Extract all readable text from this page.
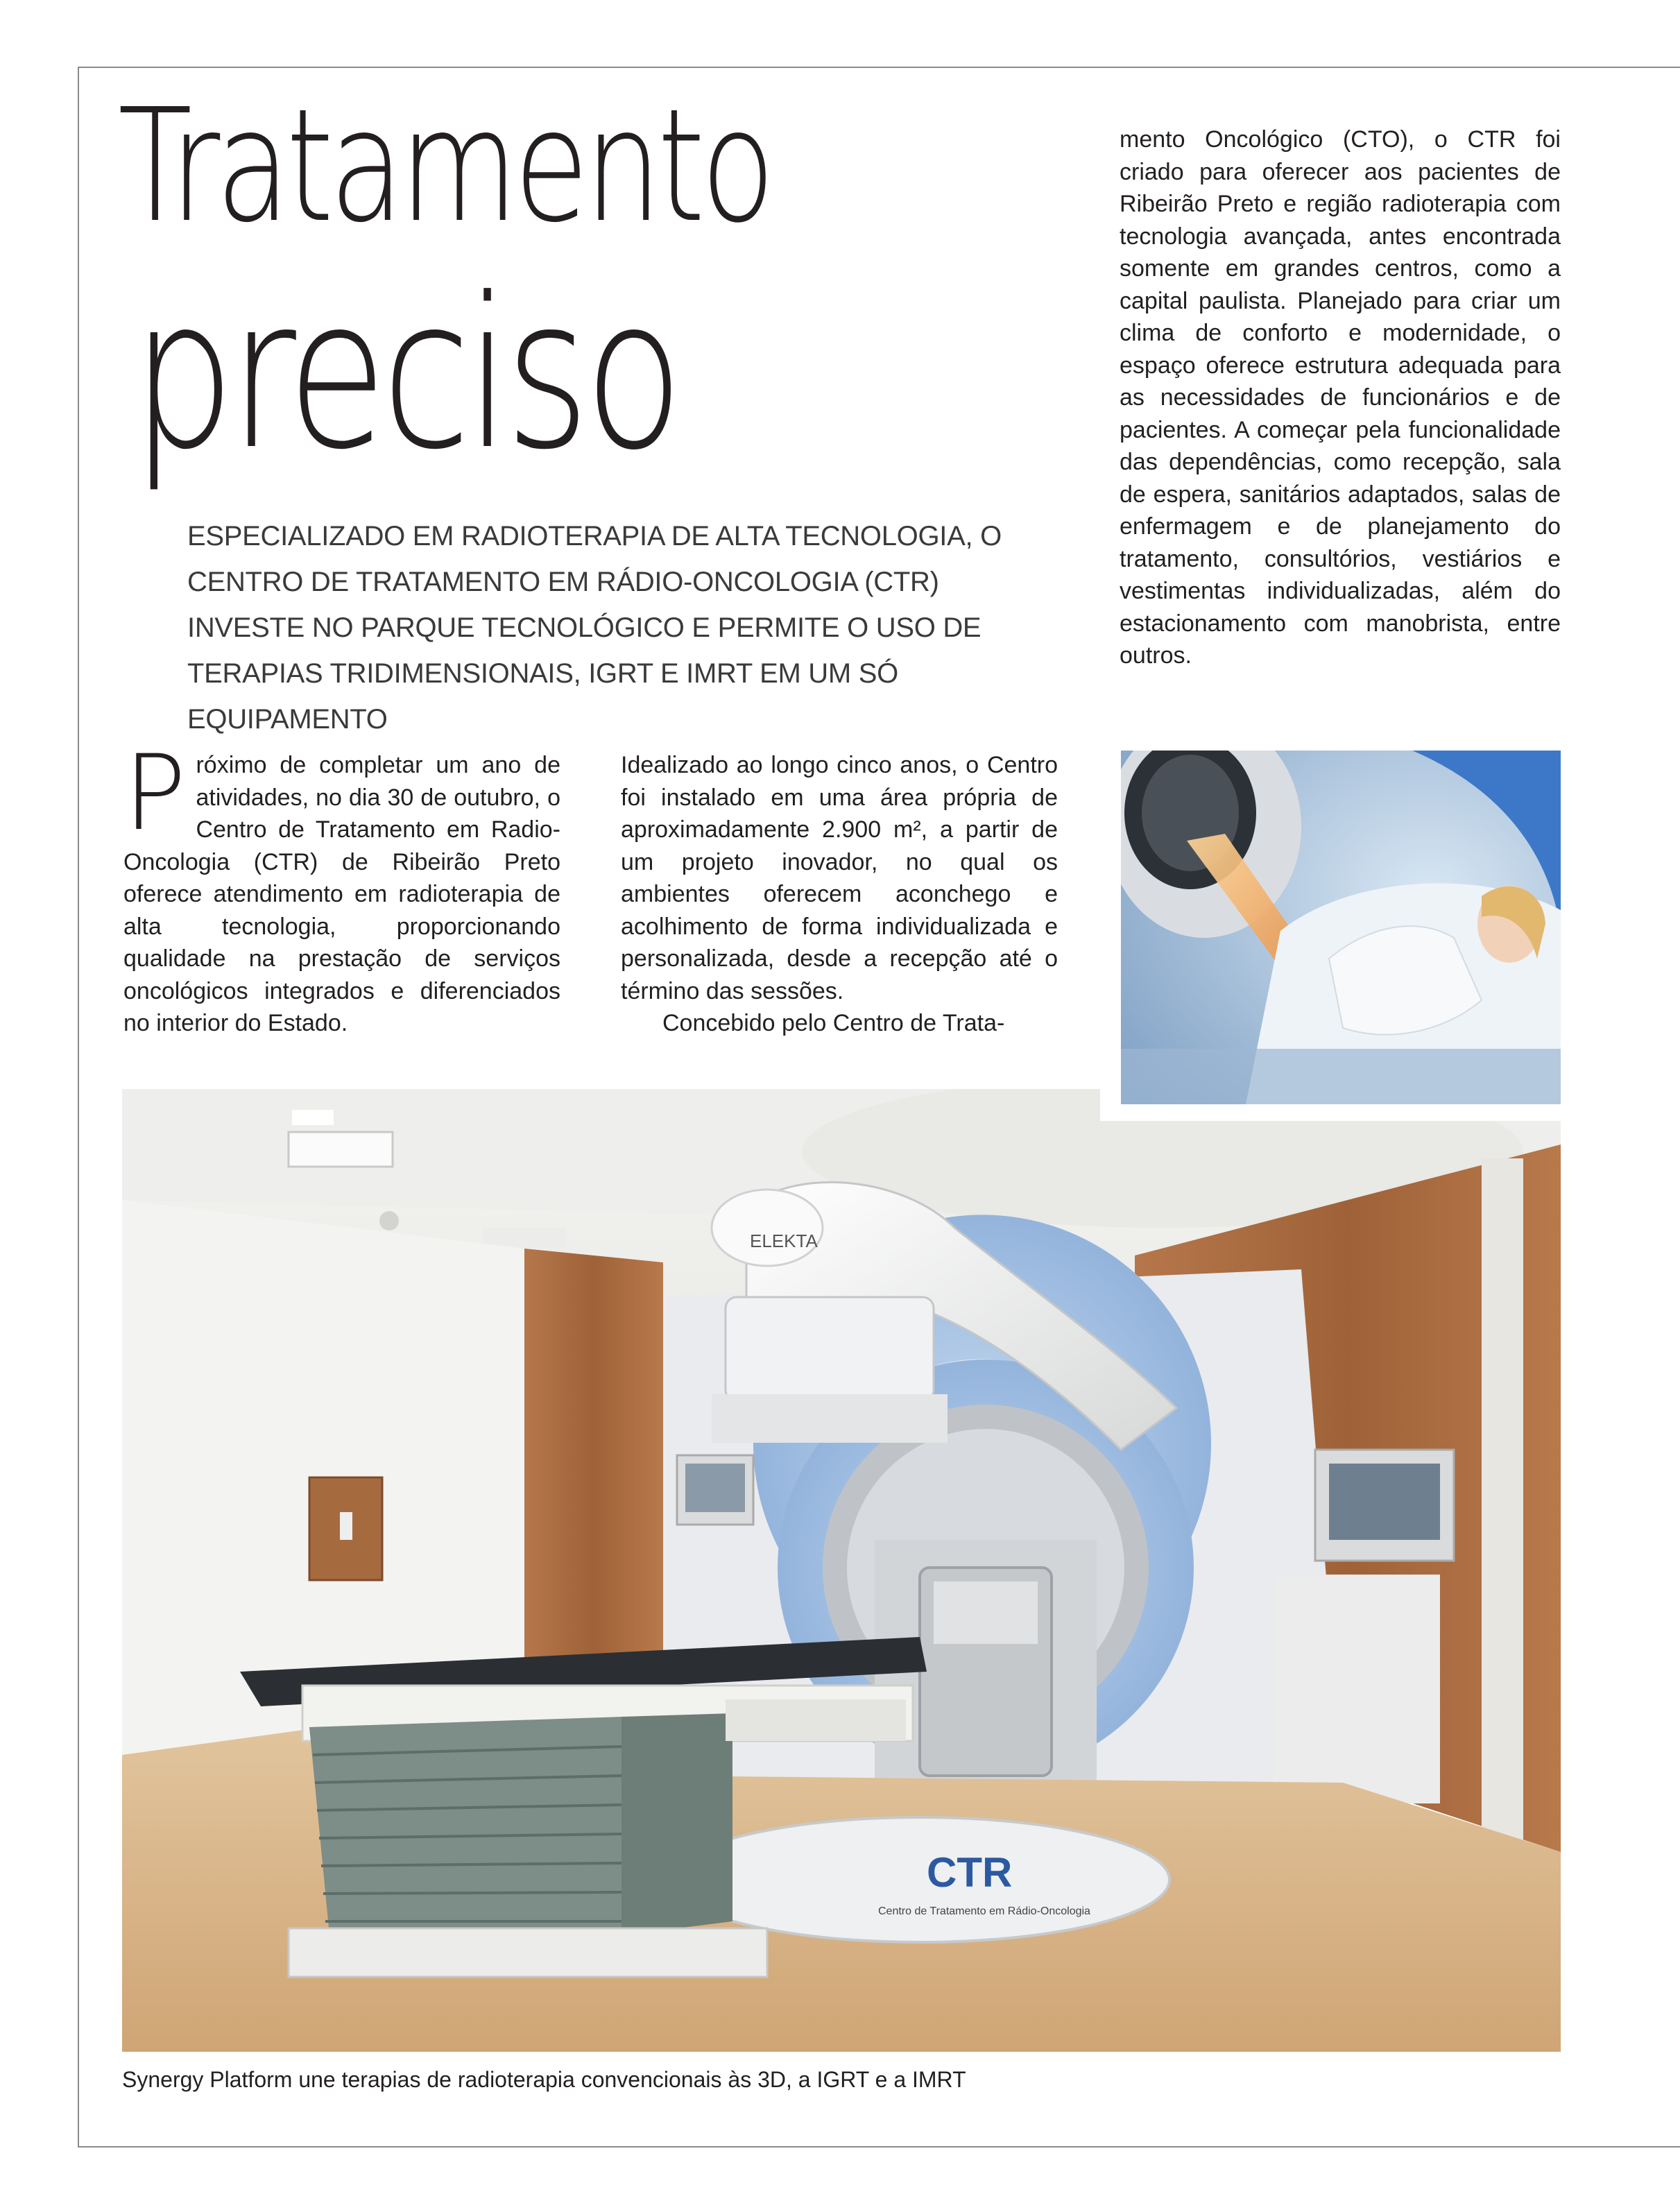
Tratamento
preciso

ESPECIALIZADO EM RADIOTERAPIA DE ALTA TECNOLOGIA, O CENTRO DE TRATAMENTO EM RÁDIO-ONCOLOGIA (CTR) INVESTE NO PARQUE TECNOLÓGICO E PERMITE O USO DE TERAPIAS TRIDIMENSIONAIS, IGRT E IMRT EM UM SÓ EQUIPAMENTO

mento Oncológico (CTO), o CTR foi criado para oferecer aos pacientes de Ribeirão Preto e região radioterapia com tecnologia avançada, antes encontrada somente em grandes centros, como a capital paulista. Planejado para criar um clima de conforto e modernidade, o espaço oferece estrutura adequada para as necessidades de funcionários e de pacientes. A começar pela funcionalidade das dependências, como recepção, sala de espera, sanitários adaptados, salas de enfermagem e de planejamento do tratamento, consultórios, vestiários e vestimentas individualizadas, além do estacionamento com manobrista, entre outros.

P róximo de completar um ano de atividades, no dia 30 de outubro, o Centro de Tratamento em Radio-Oncologia (CTR) de Ribeirão Preto oferece atendimento em radioterapia de alta tecnologia, proporcionando qualidade na prestação de serviços oncológicos integrados e diferenciados no interior do Estado.

Idealizado ao longo cinco anos, o Centro foi instalado em uma área própria de aproximadamente 2.900 m², a partir de um projeto inovador, no qual os ambientes oferecem aconchego e acolhimento de forma individualizada e personalizada, desde a recepção até o término das sessões.

Concebido pelo Centro de Trata-

ELEKTA
CTR
Centro de Tratamento em Rádio-Oncologia

Synergy Platform une terapias de radioterapia convencionais às 3D, a IGRT e a IMRT
